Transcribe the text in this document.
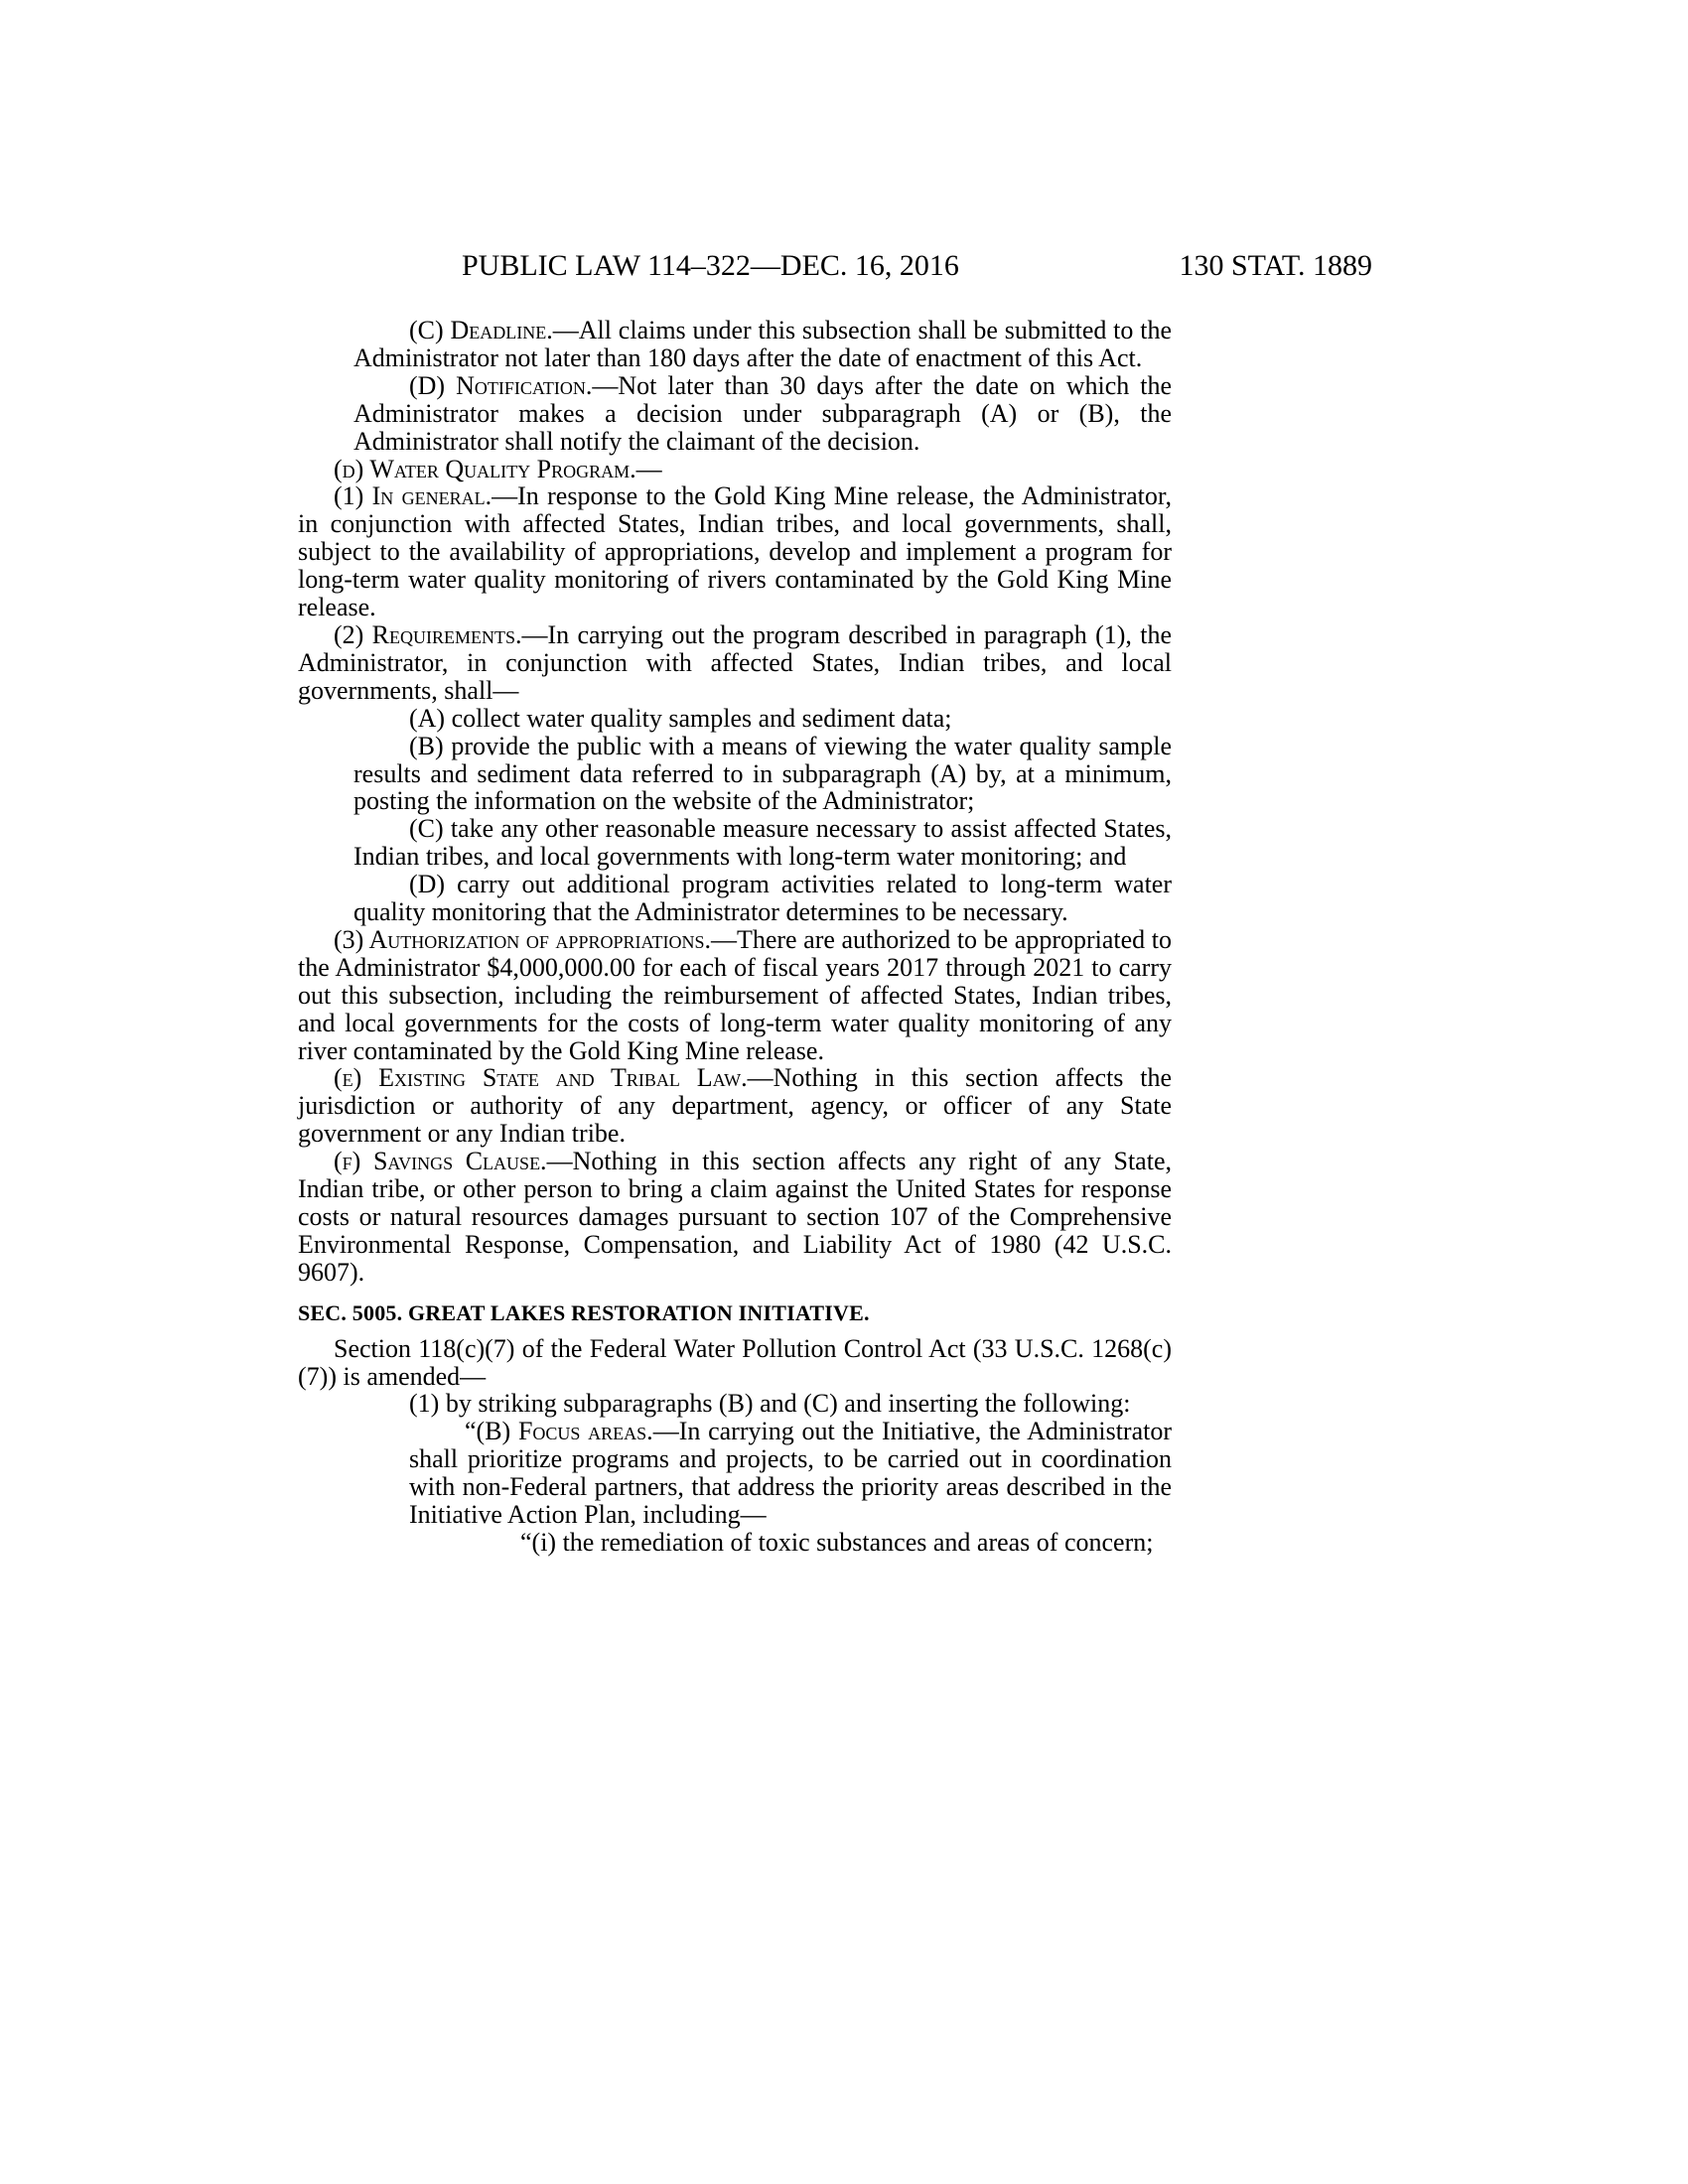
PUBLIC LAW 114–322—DEC. 16, 2016	130 STAT. 1889

(C) Deadline.—All claims under this subsection shall be submitted to the Administrator not later than 180 days after the date of enactment of this Act.

(D) Notification.—Not later than 30 days after the date on which the Administrator makes a decision under subparagraph (A) or (B), the Administrator shall notify the claimant of the decision.

(d) Water Quality Program.—

(1) In general.—In response to the Gold King Mine release, the Administrator, in conjunction with affected States, Indian tribes, and local governments, shall, subject to the availability of appropriations, develop and implement a program for long-term water quality monitoring of rivers contaminated by the Gold King Mine release.

(2) Requirements.—In carrying out the program described in paragraph (1), the Administrator, in conjunction with affected States, Indian tribes, and local governments, shall—

(A) collect water quality samples and sediment data;

(B) provide the public with a means of viewing the water quality sample results and sediment data referred to in subparagraph (A) by, at a minimum, posting the information on the website of the Administrator;

(C) take any other reasonable measure necessary to assist affected States, Indian tribes, and local governments with long-term water monitoring; and

(D) carry out additional program activities related to long-term water quality monitoring that the Administrator determines to be necessary.

(3) Authorization of appropriations.—There are authorized to be appropriated to the Administrator $4,000,000.00 for each of fiscal years 2017 through 2021 to carry out this subsection, including the reimbursement of affected States, Indian tribes, and local governments for the costs of long-term water quality monitoring of any river contaminated by the Gold King Mine release.

(e) Existing State and Tribal Law.—Nothing in this section affects the jurisdiction or authority of any department, agency, or officer of any State government or any Indian tribe.

(f) Savings Clause.—Nothing in this section affects any right of any State, Indian tribe, or other person to bring a claim against the United States for response costs or natural resources damages pursuant to section 107 of the Comprehensive Environmental Response, Compensation, and Liability Act of 1980 (42 U.S.C. 9607).

SEC. 5005. GREAT LAKES RESTORATION INITIATIVE.

Section 118(c)(7) of the Federal Water Pollution Control Act (33 U.S.C. 1268(c)(7)) is amended—

(1) by striking subparagraphs (B) and (C) and inserting the following:

“(B) Focus areas.—In carrying out the Initiative, the Administrator shall prioritize programs and projects, to be carried out in coordination with non-Federal partners, that address the priority areas described in the Initiative Action Plan, including—

“(i) the remediation of toxic substances and areas of concern;
